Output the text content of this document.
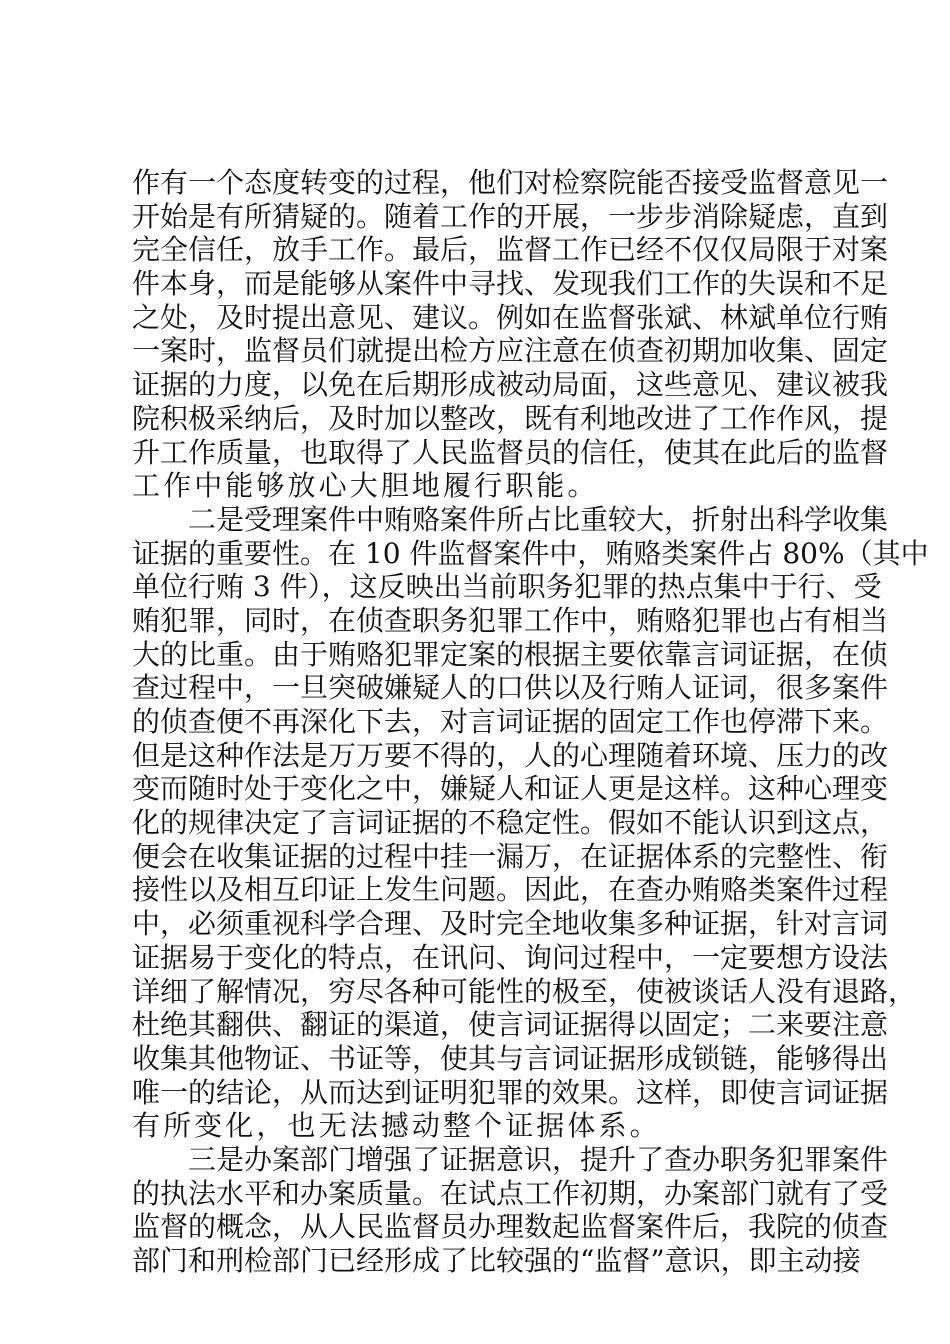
作有一个态度转变的过程，他们对检察院能否接受监督意见一
开始是有所猜疑的。随着工作的开展，一步步消除疑虑，直到
完全信任，放手工作。最后，监督工作已经不仅仅局限于对案
件本身，而是能够从案件中寻找、发现我们工作的失误和不足
之处，及时提出意见、建议。例如在监督张斌、林斌单位行贿
一案时，监督员们就提出检方应注意在侦查初期加收集、固定
证据的力度，以免在后期形成被动局面，这些意见、建议被我
院积极采纳后，及时加以整改，既有利地改进了工作作风，提
升工作质量，也取得了人民监督员的信任，使其在此后的监督
工作中能够放心大胆地履行职能。
二是受理案件中贿赂案件所占比重较大，折射出科学收集
证据的重要性。在 10 件监督案件中，贿赂类案件占 80%（其中
单位行贿 3 件），这反映出当前职务犯罪的热点集中于行、受
贿犯罪，同时，在侦查职务犯罪工作中，贿赂犯罪也占有相当
大的比重。由于贿赂犯罪定案的根据主要依靠言词证据，在侦
查过程中，一旦突破嫌疑人的口供以及行贿人证词，很多案件
的侦查便不再深化下去，对言词证据的固定工作也停滞下来。
但是这种作法是万万要不得的，人的心理随着环境、压力的改
变而随时处于变化之中，嫌疑人和证人更是这样。这种心理变
化的规律决定了言词证据的不稳定性。假如不能认识到这点，
便会在收集证据的过程中挂一漏万，在证据体系的完整性、衔
接性以及相互印证上发生问题。因此，在查办贿赂类案件过程
中，必须重视科学合理、及时完全地收集多种证据，针对言词
证据易于变化的特点，在讯问、询问过程中，一定要想方设法
详细了解情况，穷尽各种可能性的极至，使被谈话人没有退路，
杜绝其翻供、翻证的渠道，使言词证据得以固定；二来要注意
收集其他物证、书证等，使其与言词证据形成锁链，能够得出
唯一的结论，从而达到证明犯罪的效果。这样，即使言词证据
有所变化，也无法撼动整个证据体系。
三是办案部门增强了证据意识，提升了查办职务犯罪案件
的执法水平和办案质量。在试点工作初期，办案部门就有了受
监督的概念，从人民监督员办理数起监督案件后，我院的侦查
部门和刑检部门已经形成了比较强的“监督”意识，即主动接
